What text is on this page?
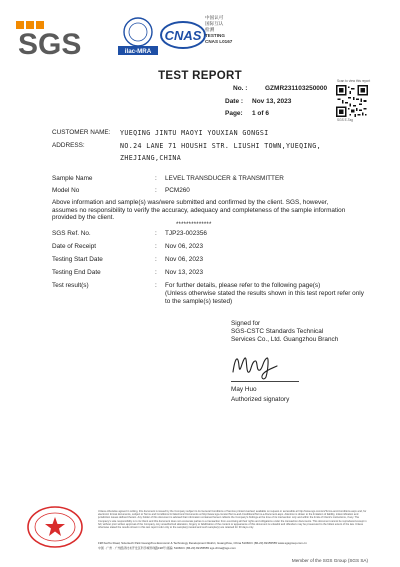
SGS	ilac-MRA
CNAS
中国认可
国际互认
检测
TESTING
CNAS L0167
TEST REPORT
No. :	GZMR231103250000
Date : Nov 13, 2023
Page: 1 of 6
Scan to view this report
SGS E-Tag
CUSTOMER NAME: YUEQING JINTU MAOYI YOUXIAN GONGSI
ADDRESS:	NO.24 LANE 71 HOUSHI STR. LIUSHI TOWN,YUEQING,
ZHEJIANG,CHINA
Sample Name	: LEVEL TRANSDUCER & TRANSMITTER
Model No	: PCM260
Above information and sample(s) was/were submitted and confirmed by the client. SGS, however, assumes no responsibility to verify the accuracy, adequacy and completeness of the sample information provided by the client.
**************
SGS Ref. No.	: TJP23-002356
Date of Receipt	: Nov 06, 2023
Testing Start Date	: Nov 06, 2023
Testing End Date	: Nov 13, 2023
Test result(s)	: For further details, please refer to the following page(s)
(Unless otherwise stated the results shown in this test report refer only
to the sample(s) tested)
Signed for
SGS-CSTC Standards Technical
Services Co., Ltd. Guangzhou Branch
May Huo
Authorized signatory
Unless otherwise agreed in writing, this document is issued by the Company subject to its General Conditions of Service printed overleaf, available on request or accessible at http://www.sgs.com/en/Terms-and-Conditions.aspx and, for electronic format documents, subject to Terms and Conditions for Electronic Documents at http://www.sgs.com/en/Terms-and-Conditions/Terms-e-Document.aspx. Attention is drawn to the limitation of liability, indemnification and jurisdiction issues defined therein. Any holder of this document is advised that information contained hereon reflects the Company's findings at the time of its intervention only and within the limits of Client's instructions, if any. The Company's sole responsibility is to its Client and this document does not exonerate parties to a transaction from exercising all their rights and obligations under the transaction documents. This document cannot be reproduced except in full, without prior written approval of the Company. Any unauthorized alteration, forgery or falsification of the content or appearance of this document is unlawful and offenders may be prosecuted to the fullest extent of the law. Unless otherwise stated the results shown in this test report refer only to the sample(s) tested and such sample(s) are retained for 30 days only.
198 Kezhu Road, Scientech Park Guangzhou Economic & Technology Development District, Guangzhou, China 510663 t (86-20) 82155555 www.sgsgroup.com.cn
中国 · 广州 · 广州经济技术开发区科学城科珠路198号 邮编: 510663 t (86-20) 82155555 sgs.china@sgs.com
Member of the SGS Group (SGS SA)
